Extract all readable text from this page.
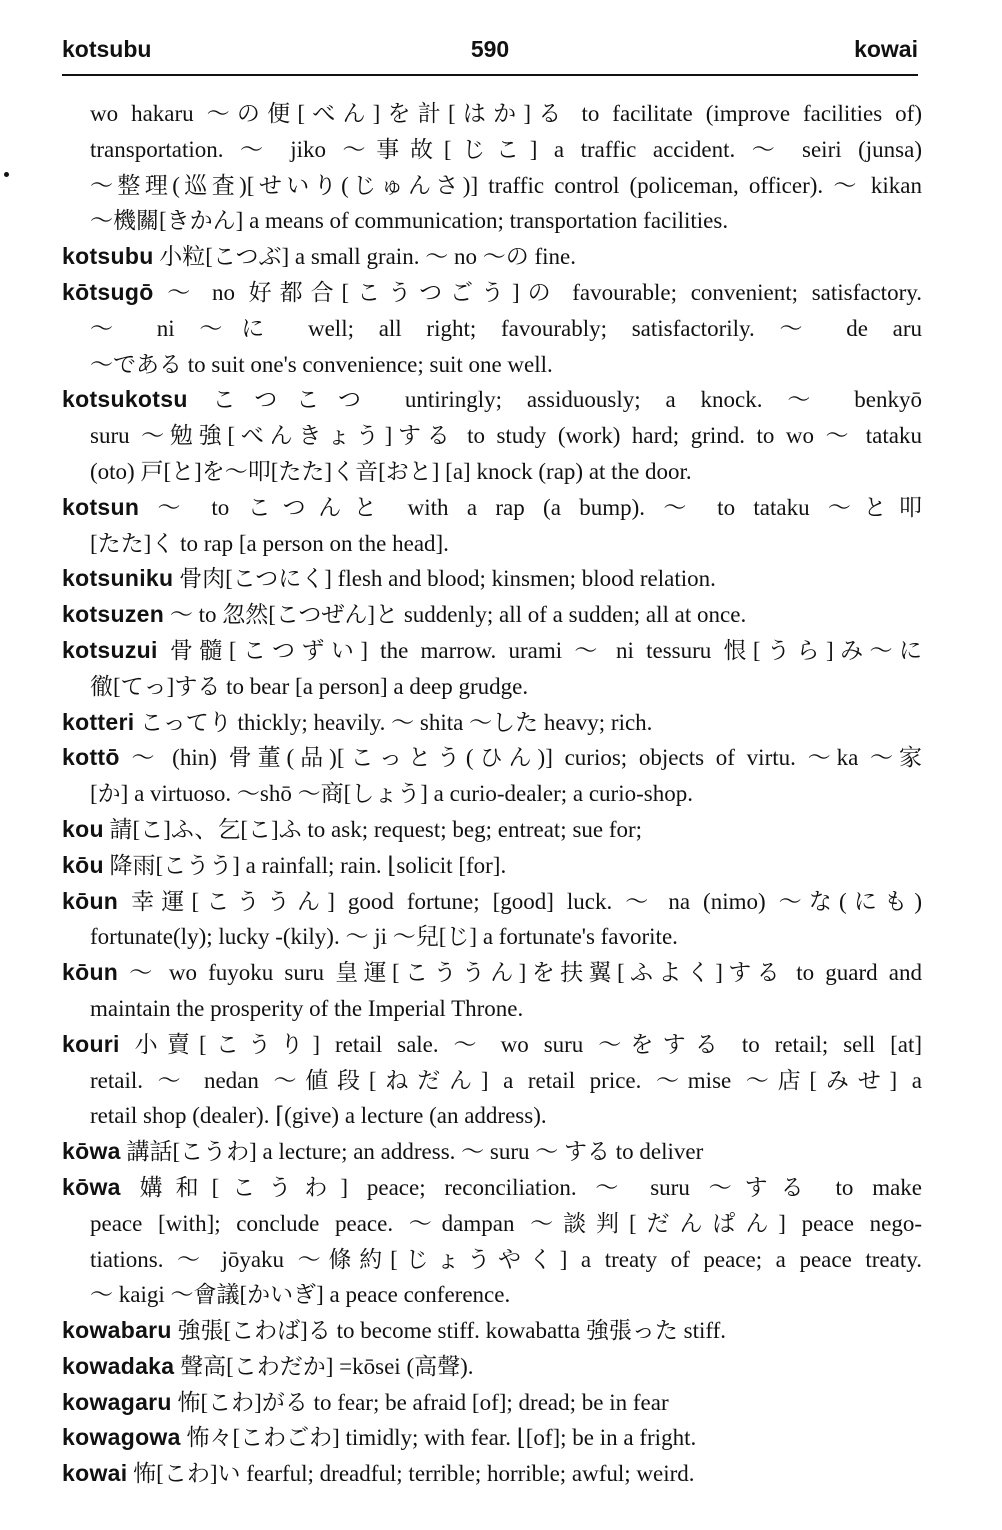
kotsubu	590	kowai
wo hakaru ～の便[べん]を計[はか]る to facilitate (improve facilities of)
transportation. ～ jiko ～事故[じこ] a traffic accident. ～ seiri (junsa)
～整理(巡査)[せいり(じゅんさ)] traffic control (policeman, officer). ～ kikan
～機關[きかん] a means of communication; transportation facilities.
kotsubu 小粒[こつぶ] a small grain. ～ no ～の fine.
kōtsugō ～ no 好都合[こうつごう]の favourable; convenient; satisfactory.
～ ni ～に well; all right; favourably; satisfactorily. ～ de aru
～である to suit one's convenience; suit one well.
kotsukotsu こつこつ untiringly; assiduously; a knock. ～ benkyō
suru ～勉強[べんきょう]する to study (work) hard; grind. to wo ～ tataku
(oto) 戸[と]を～叩[たた]く音[おと] [a] knock (rap) at the door.
kotsun ～ to こつんと with a rap (a bump). ～ to tataku ～と叩
[たた]く to rap [a person on the head].
kotsuniku 骨肉[こつにく] flesh and blood; kinsmen; blood relation.
kotsuzen ～ to 忽然[こつぜん]と suddenly; all of a sudden; all at once.
kotsuzui 骨髓[こつずい] the marrow. urami ～ ni tessuru 恨[うら]み～に
徹[てっ]する to bear [a person] a deep grudge.
kotteri こってり thickly; heavily. ～ shita ～した heavy; rich.
kottō ～ (hin) 骨董(品)[こっとう(ひん)] curios; objects of virtu. ～ka ～家
[か] a virtuoso. ～shō ～商[しょう] a curio-dealer; a curio-shop.
kou 請[こ]ふ、乞[こ]ふ to ask; request; beg; entreat; sue for;
kōu 降雨[こうう] a rainfall; rain. ⌊solicit [for].
kōun 幸運[こううん] good fortune; [good] luck. ～ na (nimo) ～な(にも)
fortunate(ly); lucky -(kily). ～ ji ～兒[じ] a fortunate's favorite.
kōun ～ wo fuyoku suru 皇運[こううん]を扶翼[ふよく]する to guard and
maintain the prosperity of the Imperial Throne.
kouri 小賣[こうり] retail sale. ～ wo suru ～をする to retail; sell [at]
retail. ～ nedan ～値段[ねだん] a retail price. ～mise ～店[みせ] a
retail shop (dealer). ⌈(give) a lecture (an address).
kōwa 講話[こうわ] a lecture; an address. ～ suru ～ する to deliver
kōwa 媾和[こうわ] peace; reconciliation. ～ suru ～する to make
peace [with]; conclude peace. ～dampan ～談判[だんぱん] peace nego-
tiations. ～ jōyaku ～條約[じょうやく] a treaty of peace; a peace treaty.
～ kaigi ～會議[かいぎ] a peace conference.
kowabaru 強張[こわば]る to become stiff. kowabatta 強張った stiff.
kowadaka 聲高[こわだか] =kōsei (高聲).
kowagaru 怖[こわ]がる to fear; be afraid [of]; dread; be in fear
kowagowa 怖々[こわごわ] timidly; with fear. ⌊[of]; be in a fright.
kowai 怖[こわ]い fearful; dreadful; terrible; horrible; awful; weird.
